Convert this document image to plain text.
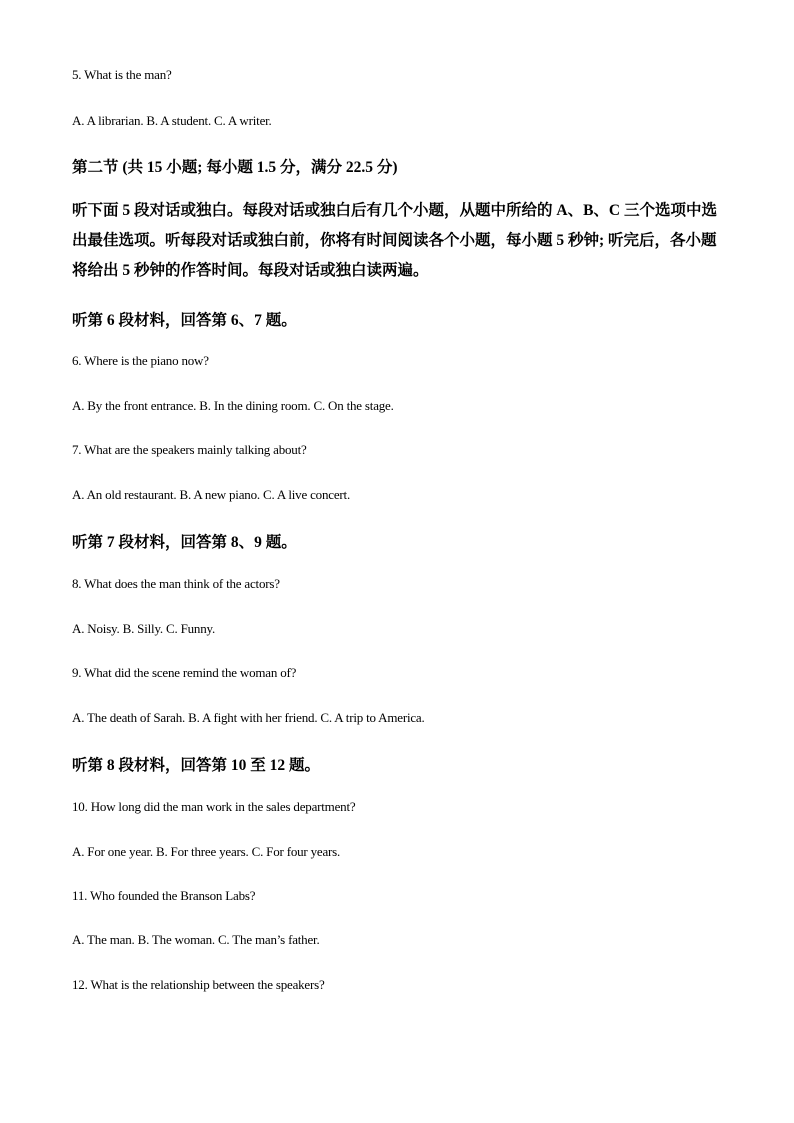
5. What is the man?
A. A librarian. B. A student. C. A writer.
第二节 (共 15 小题; 每小题 1.5 分，满分 22.5 分)
听下面 5 段对话或独白。每段对话或独白后有几个小题，从题中所给的 A、B、C 三个选项中选出最佳选项。听每段对话或独白前，你将有时间阅读各个小题，每小题 5 秒钟; 听完后，各小题将给出 5 秒钟的作答时间。每段对话或独白读两遍。
听第 6 段材料，回答第 6、7 题。
6. Where is the piano now?
A. By the front entrance. B. In the dining room. C. On the stage.
7. What are the speakers mainly talking about?
A. An old restaurant. B. A new piano. C. A live concert.
听第 7 段材料，回答第 8、9 题。
8. What does the man think of the actors?
A. Noisy. B. Silly. C. Funny.
9. What did the scene remind the woman of?
A. The death of Sarah. B. A fight with her friend. C. A trip to America.
听第 8 段材料，回答第 10 至 12 题。
10. How long did the man work in the sales department?
A. For one year. B. For three years. C. For four years.
11. Who founded the Branson Labs?
A. The man. B. The woman. C. The man’s father.
12. What is the relationship between the speakers?
